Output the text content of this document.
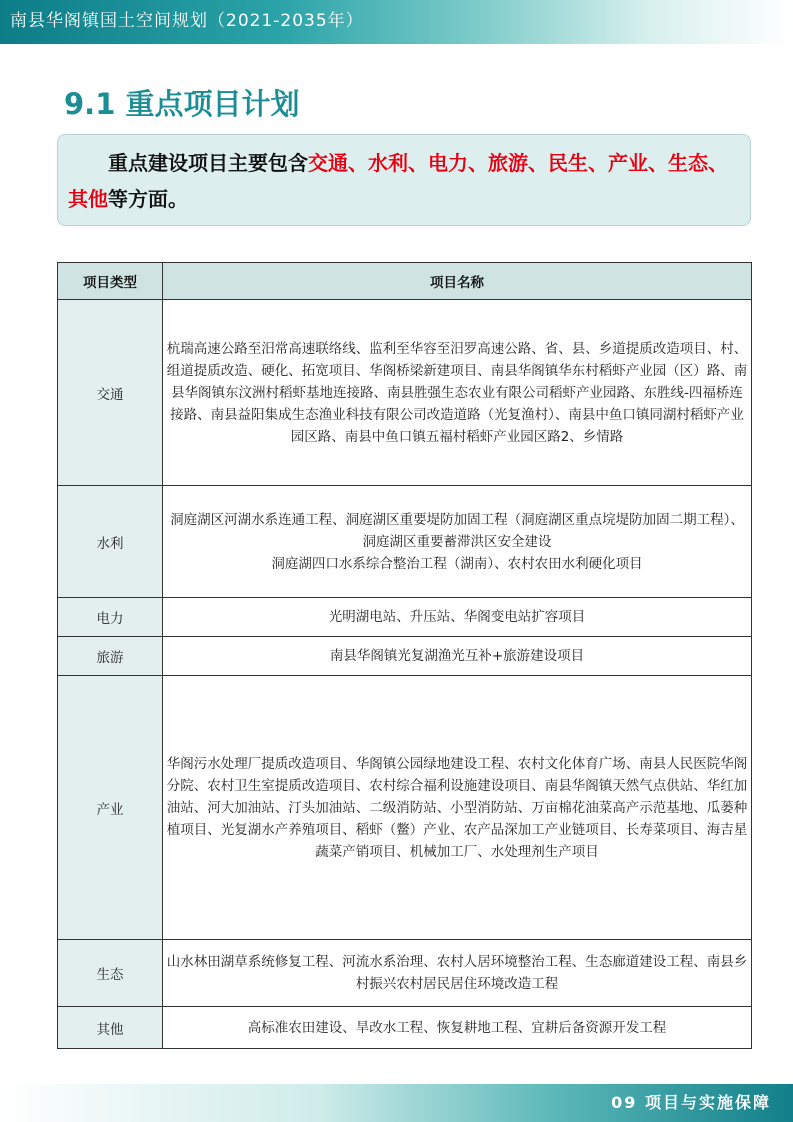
南县华阁镇国土空间规划（2021-2035年）
9.1 重点项目计划
重点建设项目主要包含交通、水利、电力、旅游、民生、产业、生态、其他等方面。
项目类型	项目名称
交通	杭瑞高速公路至汨常高速联络线、监利至华容至汨罗高速公路、省、县、乡道提质改造项目、村、组道提质改造、硬化、拓宽项目、华阁桥梁新建项目、南县华阁镇华东村稻虾产业园（区）路、南县华阁镇东汶洲村稻虾基地连接路、南县胜强生态农业有限公司稻虾产业园路、东胜线-四福桥连接路、南县益阳集成生态渔业科技有限公司改造道路（光复渔村）、南县中鱼口镇同湖村稻虾产业园区路、南县中鱼口镇五福村稻虾产业园区路2、乡情路

水利	洞庭湖区河湖水系连通工程、洞庭湖区重要堤防加固工程（洞庭湖区重点垸堤防加固二期工程）、洞庭湖区重要蓄滞洪区安全建设
洞庭湖四口水系综合整治工程（湖南）、农村农田水利硬化项目

电力	光明湖电站、升压站、华阁变电站扩容项目

旅游	南县华阁镇光复湖渔光互补+旅游建设项目

产业	华阁污水处理厂提质改造项目、华阁镇公园绿地建设工程、农村文化体育广场、南县人民医院华阁分院、农村卫生室提质改造项目、农村综合福利设施建设项目、南县华阁镇天然气点供站、华红加油站、河大加油站、汀头加油站、二级消防站、小型消防站、万亩棉花油菜高产示范基地、瓜蒌种植项目、光复湖水产养殖项目、稻虾（鳖）产业、农产品深加工产业链项目、长寿菜项目、海吉星蔬菜产销项目、机械加工厂、水处理剂生产项目

生态	山水林田湖草系统修复工程、河流水系治理、农村人居环境整治工程、生态廊道建设工程、南县乡村振兴农村居民居住环境改造工程

其他	高标准农田建设、旱改水工程、恢复耕地工程、宜耕后备资源开发工程
09 项目与实施保障
